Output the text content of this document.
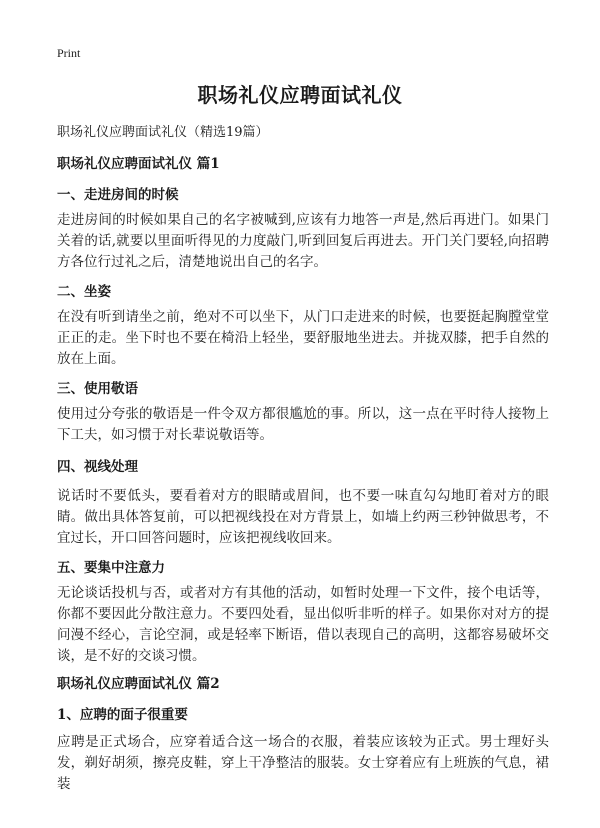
Print
职场礼仪应聘面试礼仪

职场礼仪应聘面试礼仪（精选19篇）

职场礼仪应聘面试礼仪 篇1
一、走进房间的时候

走进房间的时候如果自己的名字被喊到,应该有力地答一声是,然后再进门。如果门关着的话,就要以里面听得见的力度敲门,听到回复后再进去。开门关门要轻,向招聘方各位行过礼之后，清楚地说出自己的名字。

二、坐姿

在没有听到请坐之前，绝对不可以坐下，从门口走进来的时候，也要挺起胸膛堂堂正正的走。坐下时也不要在椅沿上轻坐，要舒服地坐进去。并拢双膝，把手自然的放在上面。

三、使用敬语

使用过分夸张的敬语是一件令双方都很尴尬的事。所以，这一点在平时待人接物上下工夫，如习惯于对长辈说敬语等。

四、视线处理

说话时不要低头，要看着对方的眼睛或眉间，也不要一味直勾勾地盯着对方的眼睛。做出具体答复前，可以把视线投在对方背景上，如墙上约两三秒钟做思考，不宜过长，开口回答问题时，应该把视线收回来。

五、要集中注意力

无论谈话投机与否，或者对方有其他的活动，如暂时处理一下文件，接个电话等，你都不要因此分散注意力。不要四处看，显出似听非听的样子。如果你对对方的提问漫不经心，言论空洞，或是轻率下断语，借以表现自己的高明，这都容易破坏交谈，是不好的交谈习惯。

职场礼仪应聘面试礼仪 篇2
1、应聘的面子很重要

应聘是正式场合，应穿着适合这一场合的衣服，着装应该较为正式。男士理好头发，剃好胡须，擦亮皮鞋，穿上干净整洁的服装。女士穿着应有上班族的气息，裙装
